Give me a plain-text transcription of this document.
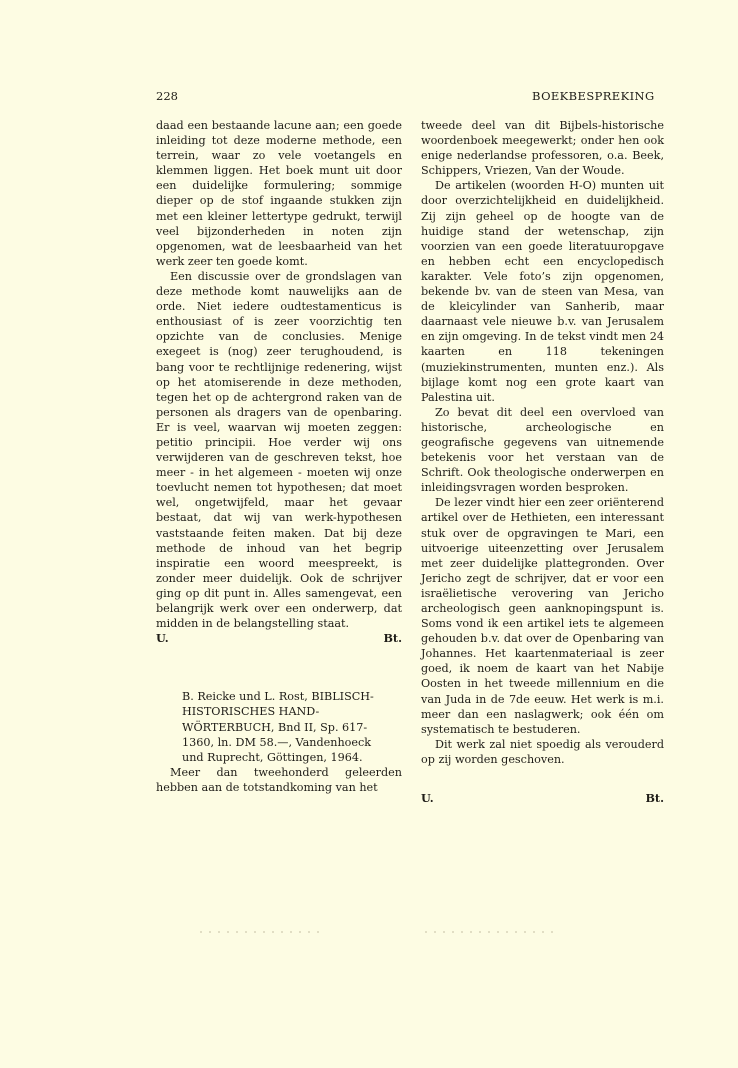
228	BOEKBESPREKING

daad een bestaande lacune aan; een goede inleiding tot deze moderne methode, een terrein, waar zo vele voetangels en klemmen liggen. Het boek munt uit door een duidelijke formulering; sommige dieper op de stof ingaande stukken zijn met een kleiner lettertype gedrukt, terwijl veel bijzonderheden in noten zijn opgenomen, wat de leesbaarheid van het werk zeer ten goede komt.

Een discussie over de grondslagen van deze methode komt nauwelijks aan de orde. Niet iedere oudtestamenticus is enthousiast of is zeer voorzichtig ten opzichte van de conclusies. Menige exegeet is (nog) zeer terughoudend, is bang voor te rechtlijnige redenering, wijst op het atomiserende in deze methoden, tegen het op de achtergrond raken van de personen als dragers van de openbaring. Er is veel, waarvan wij moeten zeggen: petitio principii. Hoe verder wij ons verwijderen van de geschreven tekst, hoe meer - in het algemeen - moeten wij onze toevlucht nemen tot hypothesen; dat moet wel, ongetwijfeld, maar het gevaar bestaat, dat wij van werk-hypothesen vaststaande feiten maken. Dat bij deze methode de inhoud van het begrip inspiratie een woord meespreekt, is zonder meer duidelijk. Ook de schrijver ging op dit punt in. Alles samengevat, een belangrijk werk over een onderwerp, dat midden in de belangstelling staat.

U.	Bt.
B. Reicke und L. Rost, BIBLISCH-
HISTORISCHES HAND-
WÖRTERBUCH, Bnd II, Sp. 617-
1360, ln. DM 58.—, Vandenhoeck
und Ruprecht, Göttingen, 1964.

Meer dan tweehonderd geleerden hebben aan de totstandkoming van het

tweede deel van dit Bijbels-historische woordenboek meegewerkt; onder hen ook enige nederlandse professoren, o.a. Beek, Schippers, Vriezen, Van der Woude.

De artikelen (woorden H-O) munten uit door overzichtelijkheid en duidelijkheid. Zij zijn geheel op de hoogte van de huidige stand der wetenschap, zijn voorzien van een goede literatuuropgave en hebben echt een encyclopedisch karakter. Vele foto’s zijn opgenomen, bekende bv. van de steen van Mesa, van de kleicylinder van Sanherib, maar daarnaast vele nieuwe b.v. van Jerusalem en zijn omgeving. In de tekst vindt men 24 kaarten en 118 tekeningen (muziekinstrumenten, munten enz.). Als bijlage komt nog een grote kaart van Palestina uit.

Zo bevat dit deel een overvloed van historische, archeologische en geografische gegevens van uitnemende betekenis voor het verstaan van de Schrift. Ook theologische onderwerpen en inleidingsvragen worden besproken.

De lezer vindt hier een zeer oriënterend artikel over de Hethieten, een interessant stuk over de opgravingen te Mari, een uitvoerige uiteenzetting over Jerusalem met zeer duidelijke plattegronden. Over Jericho zegt de schrijver, dat er voor een israëlietische verovering van Jericho archeologisch geen aanknopingspunt is. Soms vond ik een artikel iets te algemeen gehouden b.v. dat over de Openbaring van Johannes. Het kaartenmateriaal is zeer goed, ik noem de kaart van het Nabije Oosten in het tweede millennium en die van Juda in de 7de eeuw. Het werk is m.i. meer dan een naslagwerk; ook één om systematisch te bestuderen.

Dit werk zal niet spoedig als verouderd op zij worden geschoven.

U.	Bt.
